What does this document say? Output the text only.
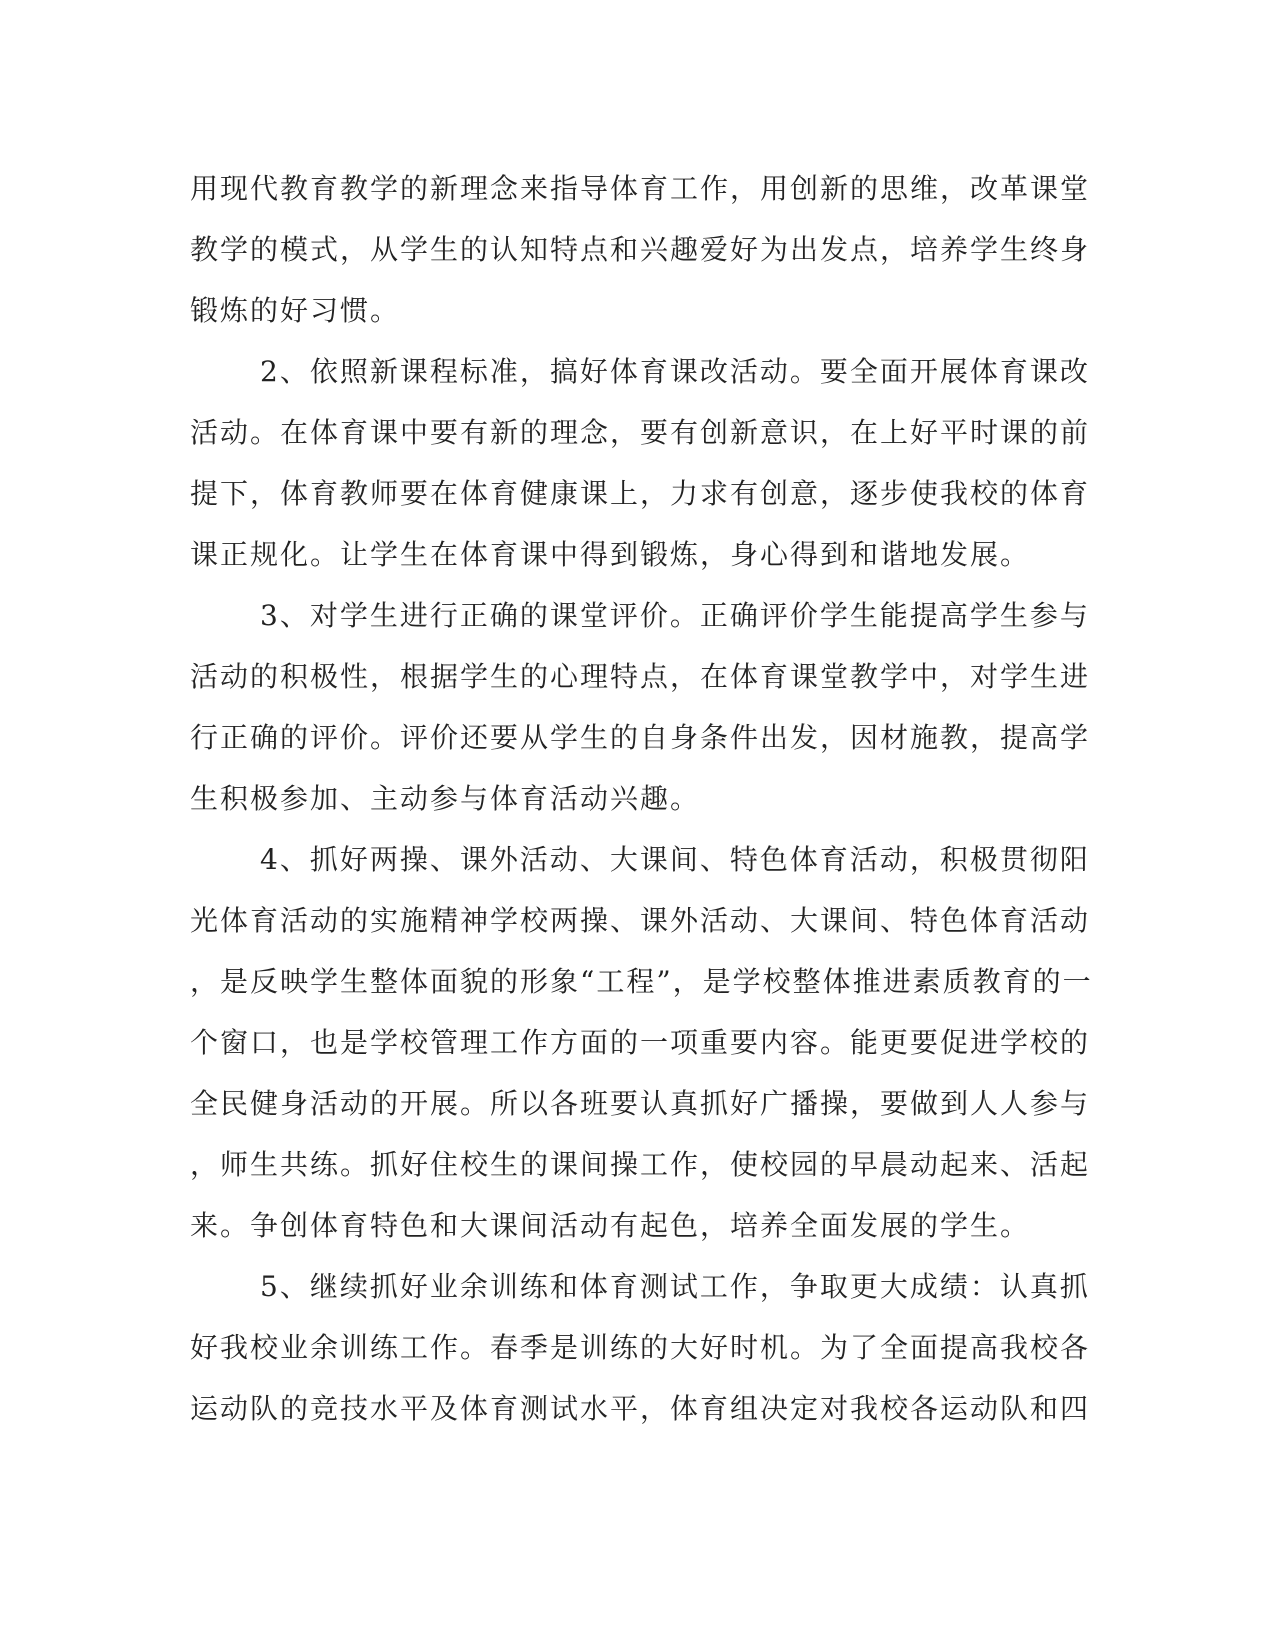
用现代教育教学的新理念来指导体育工作，用创新的思维，改革课堂
教学的模式，从学生的认知特点和兴趣爱好为出发点，培养学生终身
锻炼的好习惯。
2、依照新课程标准，搞好体育课改活动。要全面开展体育课改
活动。在体育课中要有新的理念，要有创新意识，在上好平时课的前
提下，体育教师要在体育健康课上，力求有创意，逐步使我校的体育
课正规化。让学生在体育课中得到锻炼，身心得到和谐地发展。
3、对学生进行正确的课堂评价。正确评价学生能提高学生参与
活动的积极性，根据学生的心理特点，在体育课堂教学中，对学生进
行正确的评价。评价还要从学生的自身条件出发，因材施教，提高学
生积极参加、主动参与体育活动兴趣。
4、抓好两操、课外活动、大课间、特色体育活动，积极贯彻阳
光体育活动的实施精神学校两操、课外活动、大课间、特色体育活动
，是反映学生整体面貌的形象“工程”，是学校整体推进素质教育的一
个窗口，也是学校管理工作方面的一项重要内容。能更要促进学校的
全民健身活动的开展。所以各班要认真抓好广播操，要做到人人参与
，师生共练。抓好住校生的课间操工作，使校园的早晨动起来、活起
来。争创体育特色和大课间活动有起色，培养全面发展的学生。
5、继续抓好业余训练和体育测试工作，争取更大成绩：认真抓
好我校业余训练工作。春季是训练的大好时机。为了全面提高我校各
运动队的竞技水平及体育测试水平，体育组决定对我校各运动队和四
